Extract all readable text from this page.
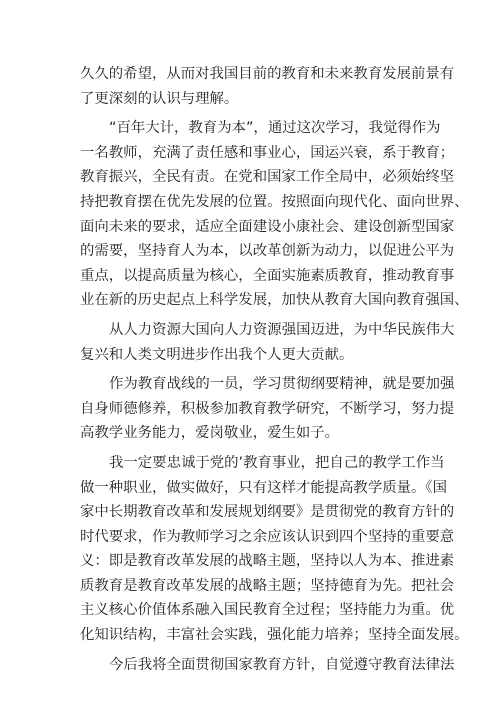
久久的希望，从而对我国目前的教育和未来教育发展前景有
了更深刻的认识与理解。
“百年大计，教育为本”，通过这次学习，我觉得作为
一名教师，充满了责任感和事业心，国运兴衰，系于教育；
教育振兴，全民有责。在党和国家工作全局中，必须始终坚
持把教育摆在优先发展的位置。按照面向现代化、面向世界、
面向未来的要求，适应全面建设小康社会、建设创新型国家
的需要，坚持育人为本，以改革创新为动力，以促进公平为
重点，以提高质量为核心，全面实施素质教育，推动教育事
业在新的历史起点上科学发展，加快从教育大国向教育强国、
从人力资源大国向人力资源强国迈进，为中华民族伟大
复兴和人类文明进步作出我个人更大贡献。
作为教育战线的一员，学习贯彻纲要精神，就是要加强
自身师德修养，积极参加教育教学研究，不断学习，努力提
高教学业务能力，爱岗敬业，爱生如子。
我一定要忠诚于党的’教育事业，把自己的教学工作当
做一种职业，做实做好，只有这样才能提高教学质量。《国
家中长期教育改革和发展规划纲要》是贯彻党的教育方针的
时代要求，作为教师学习之余应该认识到四个坚持的重要意
义：即是教育改革发展的战略主题，坚持以人为本、推进素
质教育是教育改革发展的战略主题；坚持德育为先。把社会
主义核心价值体系融入国民教育全过程；坚持能力为重。优
化知识结构，丰富社会实践，强化能力培养；坚持全面发展。
今后我将全面贯彻国家教育方针，自觉遵守教育法律法
